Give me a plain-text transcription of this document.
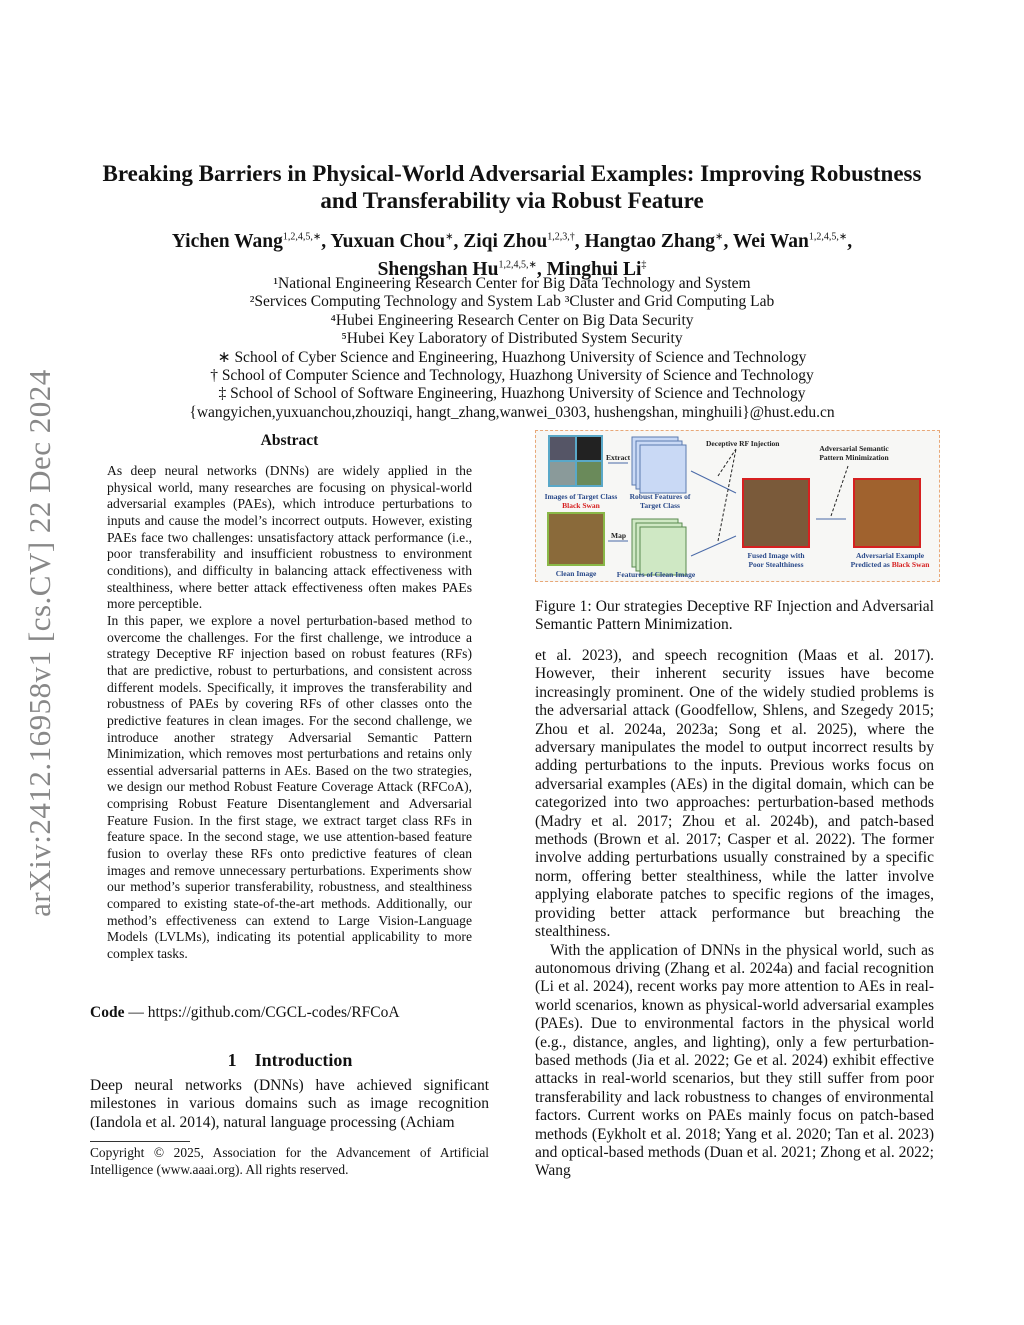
arXiv:2412.16958v1 [cs.CV] 22 Dec 2024
Breaking Barriers in Physical-World Adversarial Examples: Improving Robustness and Transferability via Robust Feature
Yichen Wang$^{1,2,4,5,∗}$, Yuxuan Chou∗, Ziqi Zhou$^{1,2,3,\dagger}$, Hangtao Zhang∗, Wei Wan$^{1,2,4,5,∗}$,
Shengshan $Hu^{1,2,4,5,∗}$, Minghui Li‡
¹National Engineering Research Center for Big Data Technology and System
²Services Computing Technology and System Lab ³Cluster and Grid Computing Lab
⁴Hubei Engineering Research Center on Big Data Security
⁵Hubei Key Laboratory of Distributed System Security
∗ School of Cyber Science and Engineering, Huazhong University of Science and Technology
† School of Computer Science and Technology, Huazhong University of Science and Technology
‡ School of School of Software Engineering, Huazhong University of Science and Technology
{wangyichen,yuxuanchou,zhouziqi, hangt_zhang,wanwei_0303, hushengshan, minghuili}@hust.edu.cn
Abstract

As deep neural networks (DNNs) are widely applied in the physical world, many researches are focusing on physical-world adversarial examples (PAEs), which introduce perturbations to inputs and cause the model’s incorrect outputs. However, existing PAEs face two challenges: unsatisfactory attack performance (i.e., poor transferability and insufficient robustness to environment conditions), and difficulty in balancing attack effectiveness with stealthiness, where better attack effectiveness often makes PAEs more perceptible.

In this paper, we explore a novel perturbation-based method to overcome the challenges. For the first challenge, we introduce a strategy Deceptive RF injection based on robust features (RFs) that are predictive, robust to perturbations, and consistent across different models. Specifically, it improves the transferability and robustness of PAEs by covering RFs of other classes onto the predictive features in clean images. For the second challenge, we introduce another strategy Adversarial Semantic Pattern Minimization, which removes most perturbations and retains only essential adversarial patterns in AEs. Based on the two strategies, we design our method Robust Feature Coverage Attack (RFCoA), comprising Robust Feature Disentanglement and Adversarial Feature Fusion. In the first stage, we extract target class RFs in feature space. In the second stage, we use attention-based feature fusion to overlay these RFs onto predictive features of clean images and remove unnecessary perturbations. Experiments show our method’s superior transferability, robustness, and stealthiness compared to existing state-of-the-art methods. Additionally, our method’s effectiveness can extend to Large Vision-Language Models (LVLMs), indicating its potential applicability to more complex tasks.

Code — https://github.com/CGCL-codes/RFCoA
1 Introduction

Deep neural networks (DNNs) have achieved significant milestones in various domains such as image recognition (Iandola et al. 2014), natural language processing (Achiam

Copyright © 2025, Association for the Advancement of Artificial Intelligence (www.aaai.org). All rights reserved.
Extract
Map
Deceptive RF Injection
Adversarial Semantic Pattern Minimization
Images of Target Class
Black Swan
Robust Features of Target Class
Clean Image	Features of Clean Image
Fused Image with Poor Stealthiness
Adversarial Example
Predicted as Black Swan
Figure 1: Our strategies Deceptive RF Injection and Adversarial Semantic Pattern Minimization.

et al. 2023), and speech recognition (Maas et al. 2017). However, their inherent security issues have become increasingly prominent. One of the widely studied problems is the adversarial attack (Goodfellow, Shlens, and Szegedy 2015; Zhou et al. 2024a, 2023a; Song et al. 2025), where the adversary manipulates the model to output incorrect results by adding perturbations to the inputs. Previous works focus on adversarial examples (AEs) in the digital domain, which can be categorized into two approaches: perturbation-based methods (Madry et al. 2017; Zhou et al. 2024b), and patch-based methods (Brown et al. 2017; Casper et al. 2022). The former involve adding perturbations usually constrained by a specific norm, offering better stealthiness, while the latter involve applying elaborate patches to specific regions of the images, providing better attack performance but breaching the stealthiness.

With the application of DNNs in the physical world, such as autonomous driving (Zhang et al. 2024a) and facial recognition (Li et al. 2024), recent works pay more attention to AEs in real-world scenarios, known as physical-world adversarial examples (PAEs). Due to environmental factors in the physical world (e.g., distance, angles, and lighting), only a few perturbation-based methods (Jia et al. 2022; Ge et al. 2024) exhibit effective attacks in real-world scenarios, but they still suffer from poor transferability and lack robustness to changes of environmental factors. Current works on PAEs mainly focus on patch-based methods (Eykholt et al. 2018; Yang et al. 2020; Tan et al. 2023) and optical-based methods (Duan et al. 2021; Zhong et al. 2022; Wang
